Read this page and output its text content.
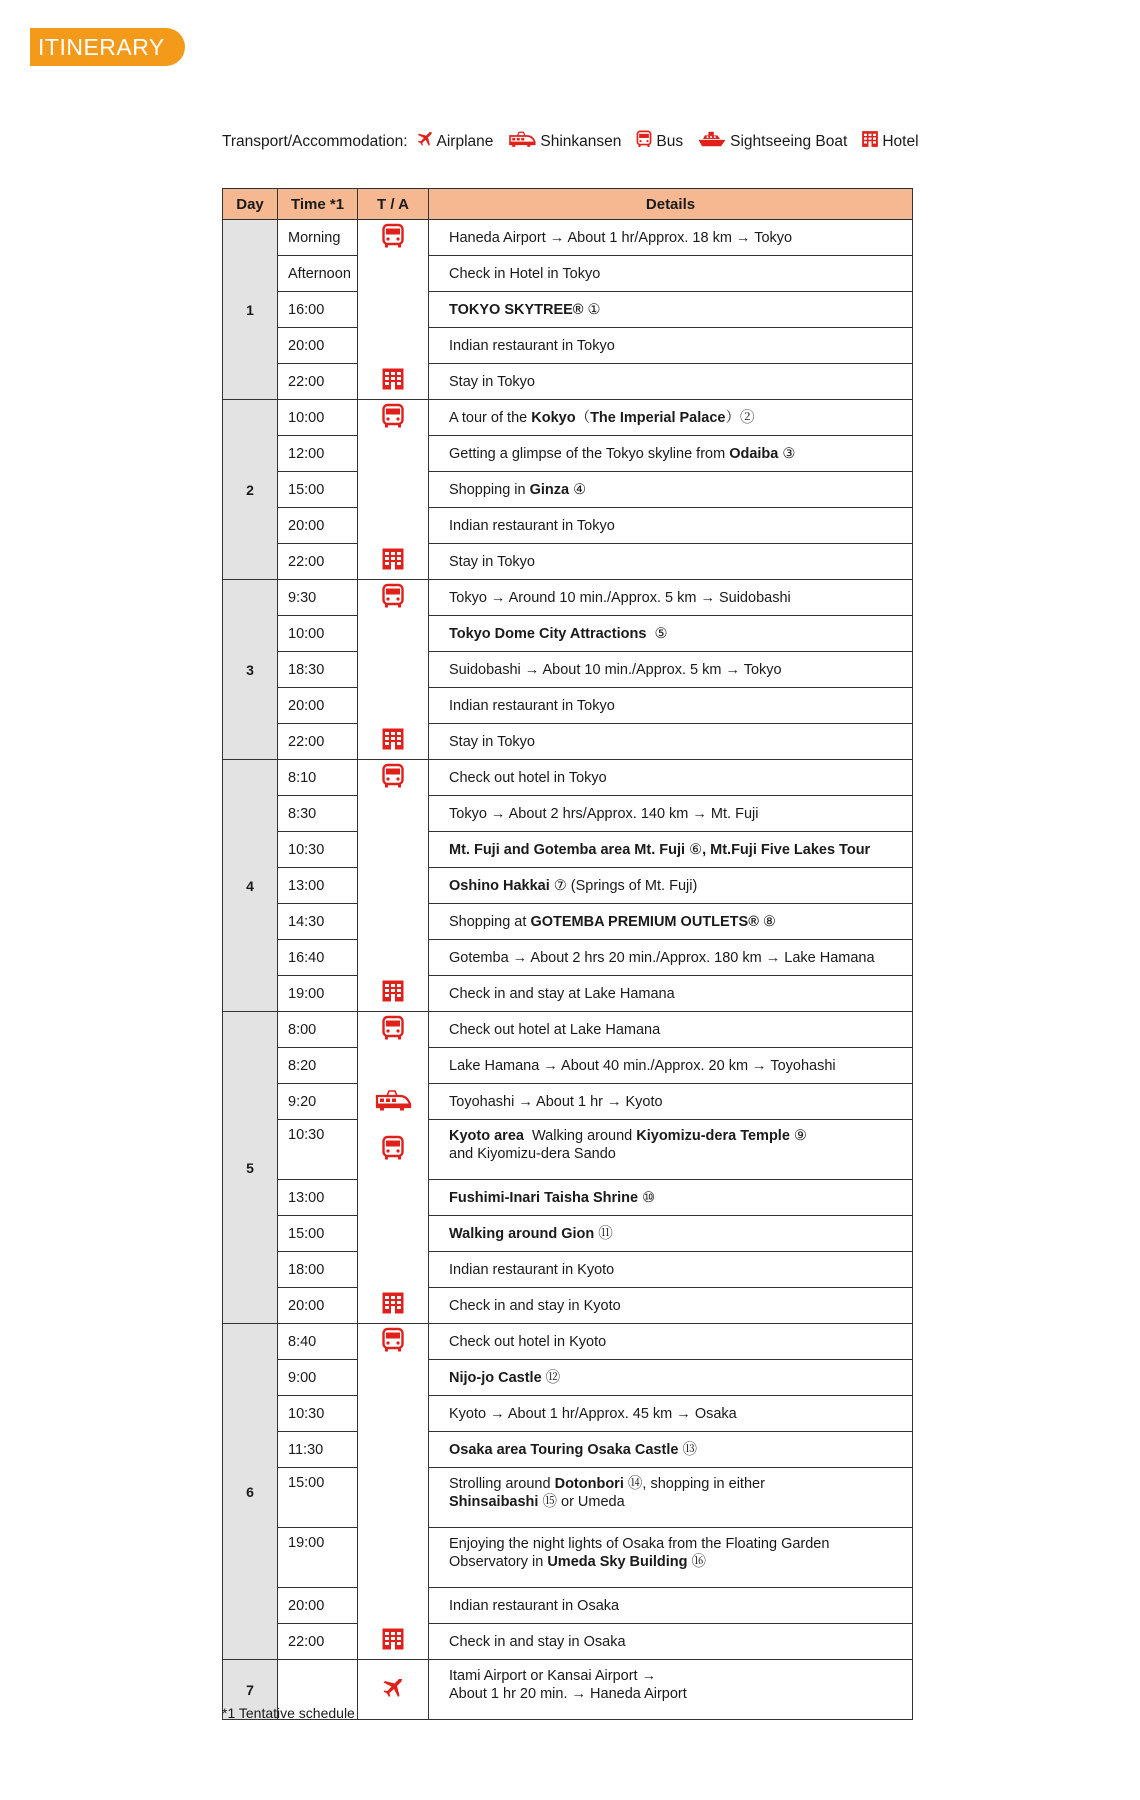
ITINERARY
Transport/Accommodation: Airplane	Shinkansen Bus	Sightseeing Boat Hotel
Day	Time *1	T / A	Details
1	Morning		Haneda Airport → About 1 hr/Approx. 18 km → Tokyo
	Afternoon		Check in Hotel in Tokyo
	16:00		TOKYO SKYTREE® ①
	20:00		Indian restaurant in Tokyo
	22:00		Stay in Tokyo
2	10:00		A tour of the Kokyo（The Imperial Palace）②
	12:00		Getting a glimpse of the Tokyo skyline from Odaiba ③
	15:00		Shopping in Ginza ④
	20:00		Indian restaurant in Tokyo
	22:00		Stay in Tokyo
3	9:30		Tokyo → Around 10 min./Approx. 5 km → Suidobashi
	10:00		Tokyo Dome City Attractions  ⑤
	18:30		Suidobashi → About 10 min./Approx. 5 km → Tokyo
	20:00		Indian restaurant in Tokyo
	22:00		Stay in Tokyo
4	8:10		Check out hotel in Tokyo
	8:30		Tokyo → About 2 hrs/Approx. 140 km → Mt. Fuji
	10:30		Mt. Fuji and Gotemba area Mt. Fuji ⑥, Mt.Fuji Five Lakes Tour
	13:00		Oshino Hakkai ⑦ (Springs of Mt. Fuji)
	14:30		Shopping at GOTEMBA PREMIUM OUTLETS® ⑧
	16:40		Gotemba → About 2 hrs 20 min./Approx. 180 km → Lake Hamana
	19:00		Check in and stay at Lake Hamana
5	8:00		Check out hotel at Lake Hamana
	8:20		Lake Hamana → About 40 min./Approx. 20 km → Toyohashi
	9:20		Toyohashi → About 1 hr → Kyoto
	10:30		Kyoto area  Walking around Kiyomizu-dera Temple ⑨
and Kiyomizu-dera Sando
	13:00		Fushimi-Inari Taisha Shrine ⑩
	15:00		Walking around Gion ⑪
	18:00		Indian restaurant in Kyoto
	20:00		Check in and stay in Kyoto
6	8:40		Check out hotel in Kyoto
	9:00		Nijo-jo Castle ⑫
	10:30		Kyoto → About 1 hr/Approx. 45 km → Osaka
	11:30		Osaka area Touring Osaka Castle ⑬
	15:00		Strolling around Dotonbori ⑭, shopping in either
Shinsaibashi ⑮ or Umeda
	19:00		Enjoying the night lights of Osaka from the Floating Garden
Observatory in Umeda Sky Building ⑯
	20:00		Indian restaurant in Osaka
	22:00		Check in and stay in Osaka
7			Itami Airport or Kansai Airport →
About 1 hr 20 min. → Haneda Airport
*1 Tentative schedule
